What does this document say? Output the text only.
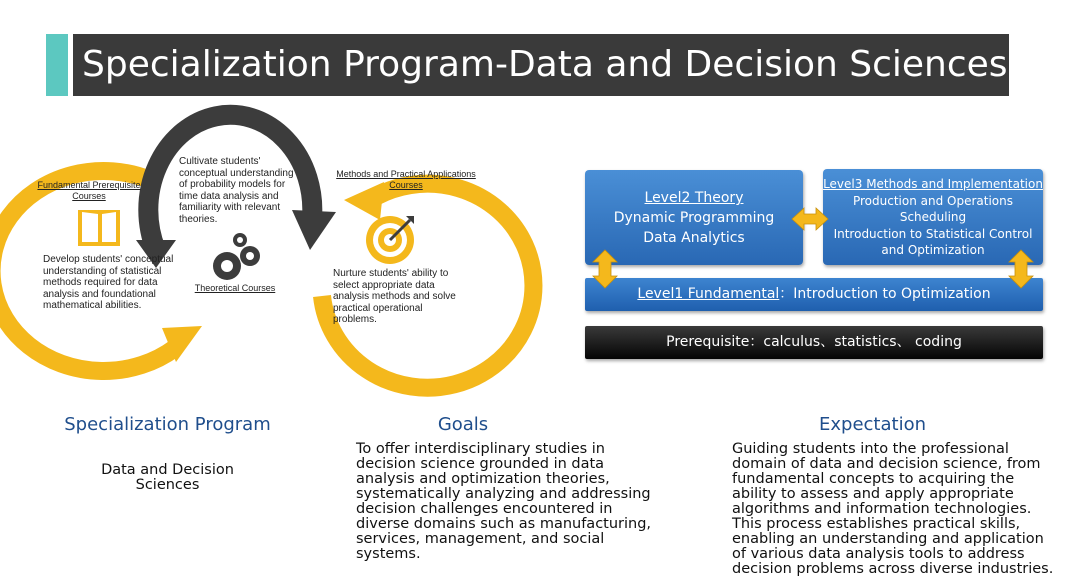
Specialization Program-Data and Decision Sciences
Fundamental Prerequisite Courses
Develop students' conceptual understanding of statistical methods required for data analysis and foundational mathematical abilities.
Cultivate students' conceptual understanding of probability models for time data analysis and familiarity with relevant theories.
Theoretical Courses
Methods and Practical Applications Courses
Nurture students' ability to select appropriate data analysis methods and solve practical operational problems.
Level2 Theory
Dynamic Programming
Data Analytics
Level3 Methods and Implementation
Production and Operations
Scheduling
Introduction to Statistical Control
and Optimization
Level1 Fundamental：Introduction to Optimization
Prerequisite：calculus、statistics、 coding
Specialization Program
Data and Decision
Sciences
Goals
To offer interdisciplinary studies in
decision science grounded in data
analysis and optimization theories,
systematically analyzing and addressing
decision challenges encountered in
diverse domains such as manufacturing,
services, management, and social
systems.
Expectation
Guiding students into the professional
domain of data and decision science, from
fundamental concepts to acquiring the
ability to assess and apply appropriate
algorithms and information technologies.
This process establishes practical skills,
enabling an understanding and application
of various data analysis tools to address
decision problems across diverse industries.
